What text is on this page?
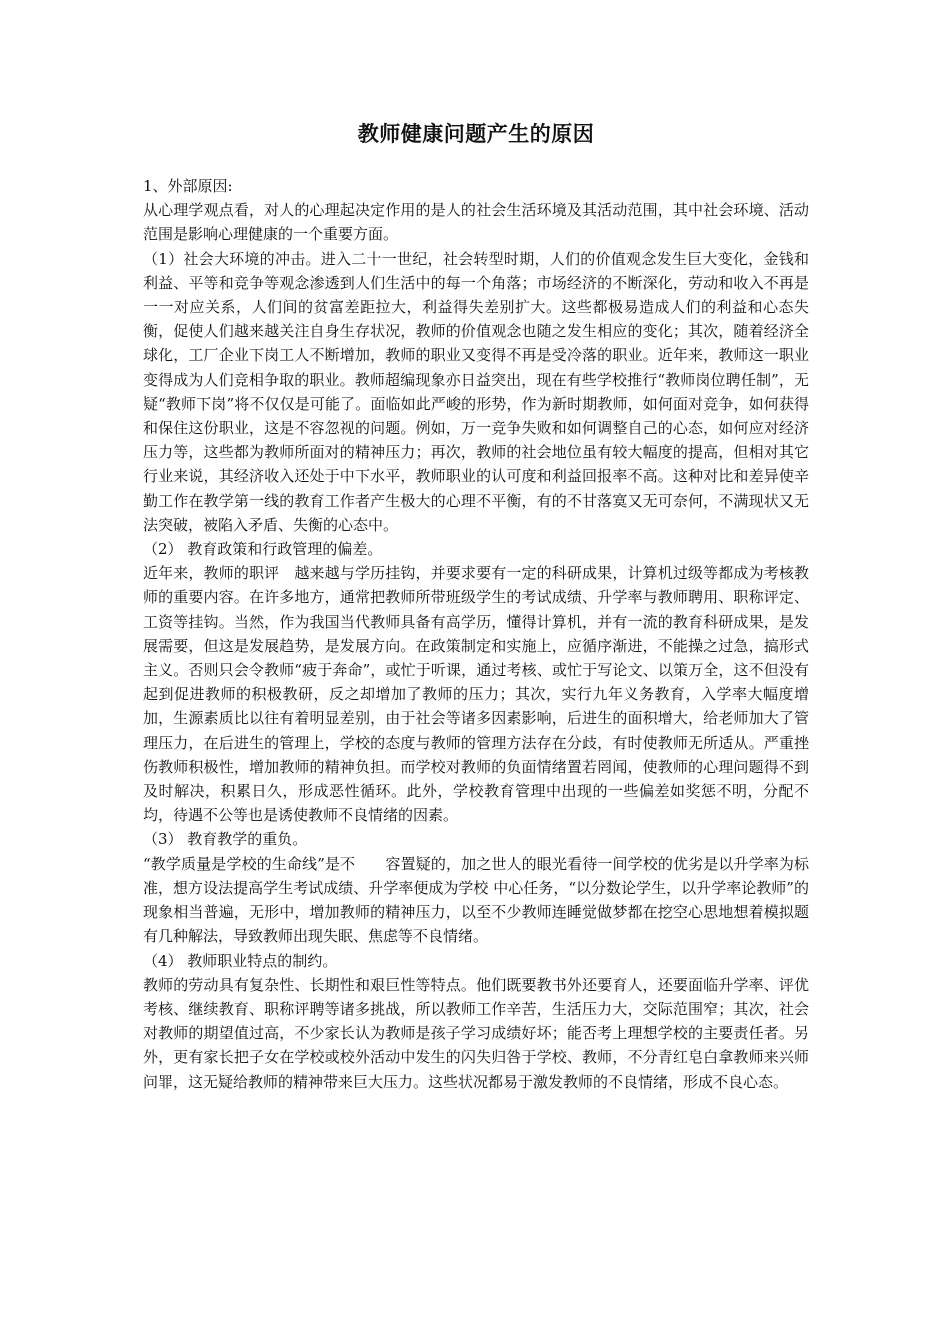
教师健康问题产生的原因

1、外部原因:

从心理学观点看，对人的心理起决定作用的是人的社会生活环境及其活动范围，其中社会环境、活动范围是影响心理健康的一个重要方面。

（1）社会大环境的冲击。进入二十一世纪，社会转型时期，人们的价值观念发生巨大变化，金钱和利益、平等和竞争等观念渗透到人们生活中的每一个角落；市场经济的不断深化，劳动和收入不再是一一对应关系，人们间的贫富差距拉大，利益得失差别扩大。这些都极易造成人们的利益和心态失衡，促使人们越来越关注自身生存状况，教师的价值观念也随之发生相应的变化；其次，随着经济全球化，工厂企业下岗工人不断增加，教师的职业又变得不再是受冷落的职业。近年来，教师这一职业变得成为人们竞相争取的职业。教师超编现象亦日益突出，现在有些学校推行“教师岗位聘任制”，无疑“教师下岗”将不仅仅是可能了。面临如此严峻的形势，作为新时期教师，如何面对竞争，如何获得和保住这份职业，这是不容忽视的问题。例如，万一竞争失败和如何调整自己的心态，如何应对经济压力等，这些都为教师所面对的精神压力；再次，教师的社会地位虽有较大幅度的提高，但相对其它行业来说，其经济收入还处于中下水平，教师职业的认可度和利益回报率不高。这种对比和差异使辛勤工作在教学第一线的教育工作者产生极大的心理不平衡，有的不甘落寞又无可奈何，不满现状又无法突破，被陷入矛盾、失衡的心态中。

（2） 教育政策和行政管理的偏差。

近年来，教师的职评　越来越与学历挂钩，并要求要有一定的科研成果，计算机过级等都成为考核教师的重要内容。在许多地方，通常把教师所带班级学生的考试成绩、升学率与教师聘用、职称评定、工资等挂钩。当然，作为我国当代教师具备有高学历，懂得计算机，并有一流的教育科研成果，是发展需要，但这是发展趋势，是发展方向。在政策制定和实施上，应循序渐进，不能操之过急，搞形式主义。否则只会令教师“疲于奔命”，或忙于听课，通过考核、或忙于写论文、以策万全，这不但没有起到促进教师的积极教研，反之却增加了教师的压力；其次，实行九年义务教育，入学率大幅度增加，生源素质比以往有着明显差别，由于社会等诸多因素影响，后进生的面积增大，给老师加大了管理压力，在后进生的管理上，学校的态度与教师的管理方法存在分歧，有时使教师无所适从。严重挫伤教师积极性，增加教师的精神负担。而学校对教师的负面情绪置若罔闻，使教师的心理问题得不到及时解决，积累日久，形成恶性循环。此外，学校教育管理中出现的一些偏差如奖惩不明，分配不均，待遇不公等也是诱使教师不良情绪的因素。

（3） 教育教学的重负。

“教学质量是学校的生命线”是不　　容置疑的，加之世人的眼光看待一间学校的优劣是以升学率为标准，想方设法提高学生考试成绩、升学率便成为学校 中心任务，“以分数论学生，以升学率论教师”的现象相当普遍，无形中，增加教师的精神压力，以至不少教师连睡觉做梦都在挖空心思地想着模拟题有几种解法，导致教师出现失眠、焦虑等不良情绪。

（4） 教师职业特点的制约。

教师的劳动具有复杂性、长期性和艰巨性等特点。他们既要教书外还要育人，还要面临升学率、评优考核、继续教育、职称评聘等诸多挑战，所以教师工作辛苦，生活压力大，交际范围窄；其次，社会对教师的期望值过高，不少家长认为教师是孩子学习成绩好坏；能否考上理想学校的主要责任者。另外，更有家长把子女在学校或校外活动中发生的闪失归咎于学校、教师，不分青红皂白拿教师来兴师问罪，这无疑给教师的精神带来巨大压力。这些状况都易于激发教师的不良情绪，形成不良心态。
